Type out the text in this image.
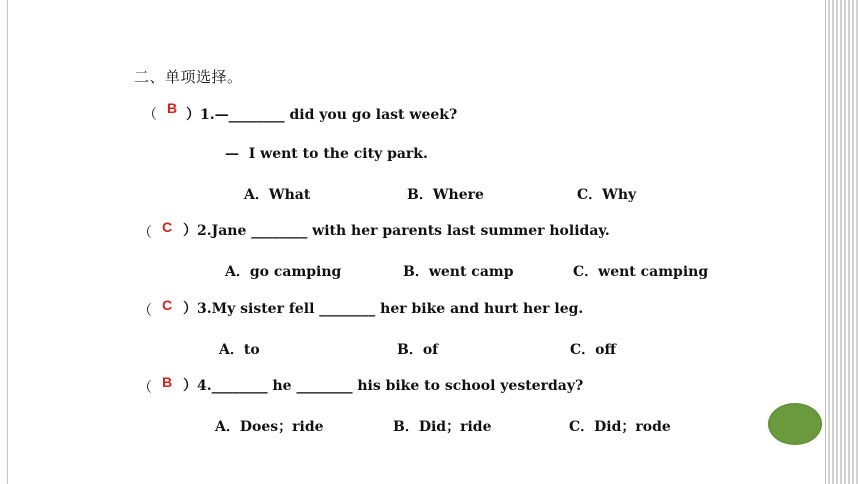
二、单项选择。
（ B ）1.—________ did you go last week?
—  I went to the city park.
A．What	B．Where	C．Why
（ C ）2.Jane ________ with her parents last summer holiday.
A．go camping	B．went camp	C．went camping
（ C ）3.My sister fell ________ her bike and hurt her leg.
A．to	B．of	C．off
（ B ）4.________ he ________ his bike to school yesterday?
A．Does；ride	B．Did；ride	C．Did；rode
